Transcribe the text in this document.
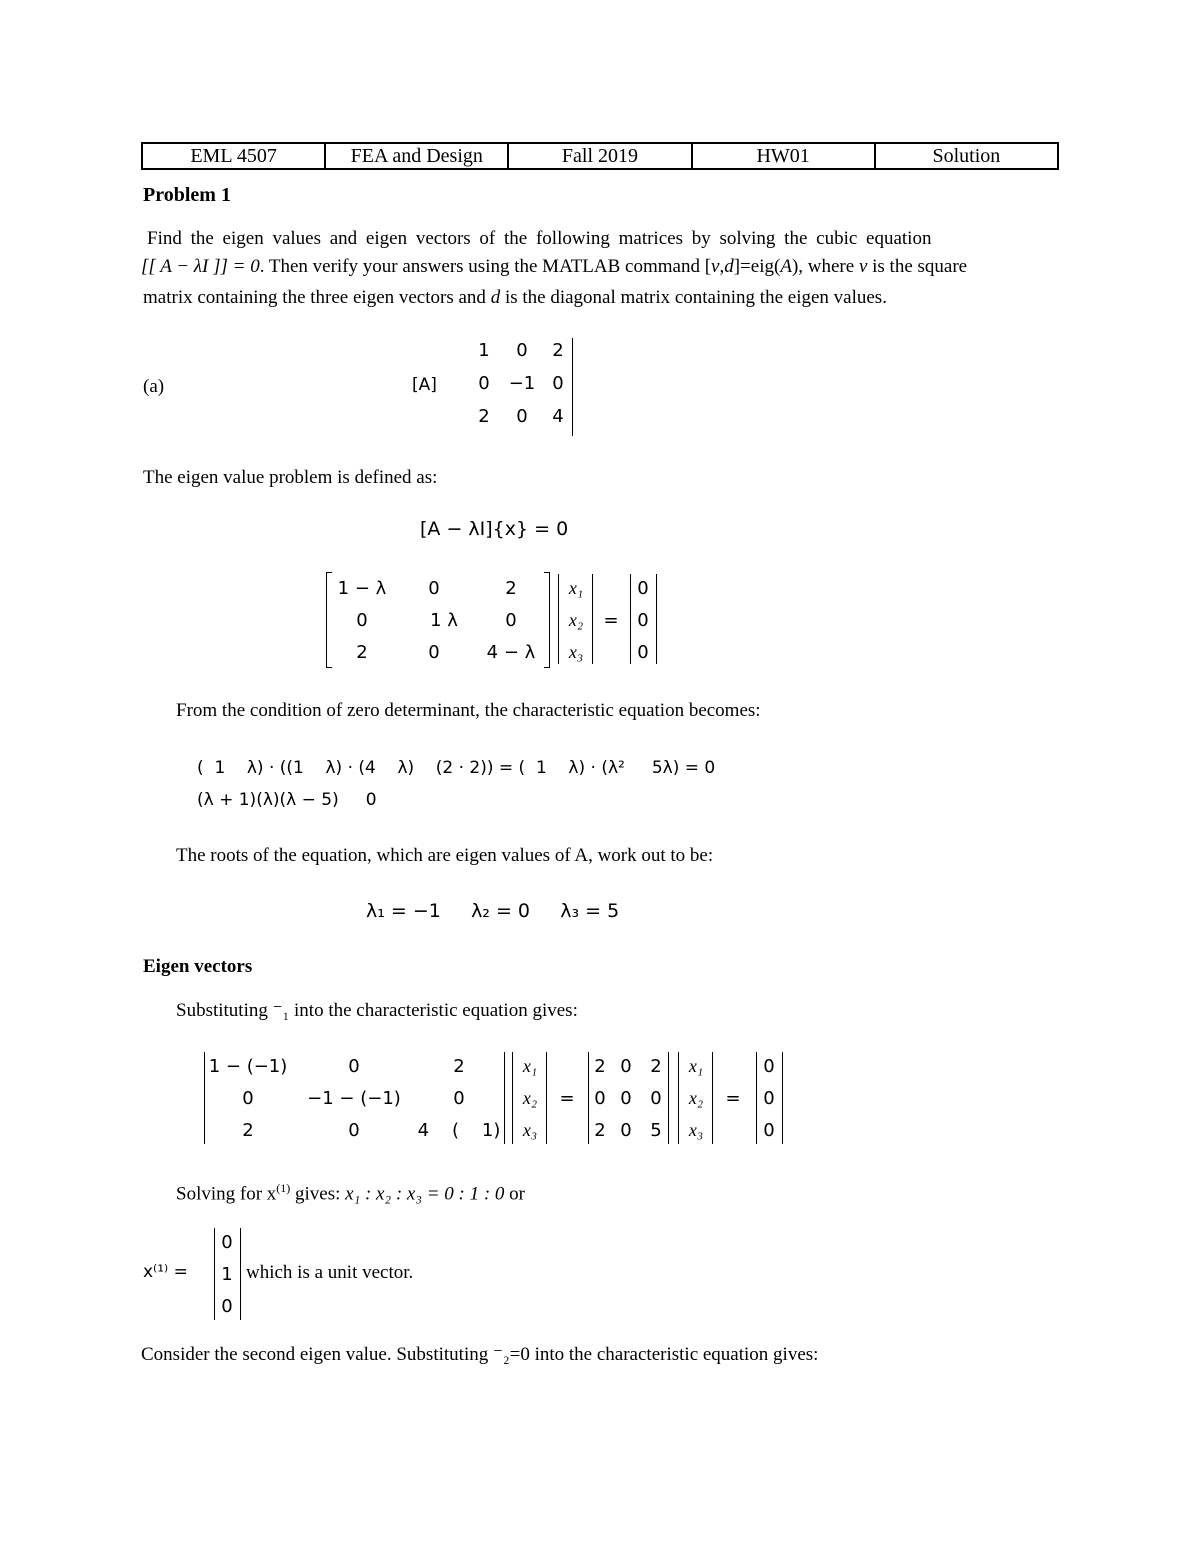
EML 4507	FEA and Design	Fall 2019	HW01	Solution
Problem 1
Find the eigen values and eigen vectors of the following matrices by solving the cubic equation
[[ A − λI ]] = 0. Then verify your answers using the MATLAB command [v,d]=eig(A), where v is the square
matrix containing the three eigen vectors and d is the diagonal matrix containing the eigen values.
(a)	[A]
1	0	2
0	−1 0
2	0	4
The eigen value problem is defined as:
[A − λI]{x} = 0
1 − λ	0	2
0	1 λ	0
2	0	4 − λ
x₁
x₂
x₃
=
0
0
0
From the condition of zero determinant, the characteristic equation becomes:
(  1    λ) · ((1    λ) · (4    λ)    (2 · 2)) = (  1    λ) · (λ²     5λ) = 0
(λ + 1)(λ)(λ − 5)     0
The roots of the equation, which are eigen values of A, work out to be:
λ₁ = −1     λ₂ = 0     λ₃ = 5
Eigen vectors
Substituting ⁻₁ into the characteristic equation gives:
1 − (−1)	0	2
0	−1 − (−1)	0
2	0	4    (    1)
x₁
x₂
x₃
=
2 0 2
0 0 0
2 0 5
x₁
x₂
x₃
=
0
0
0
Solving for $x^{(1)}$ gives: x₁ : x₂ : x₃ = 0 : 1 : 0 or
x⁽¹⁾ =
0
1
0
which is a unit vector.
Consider the second eigen value. Substituting ⁻₂=0 into the characteristic equation gives:
